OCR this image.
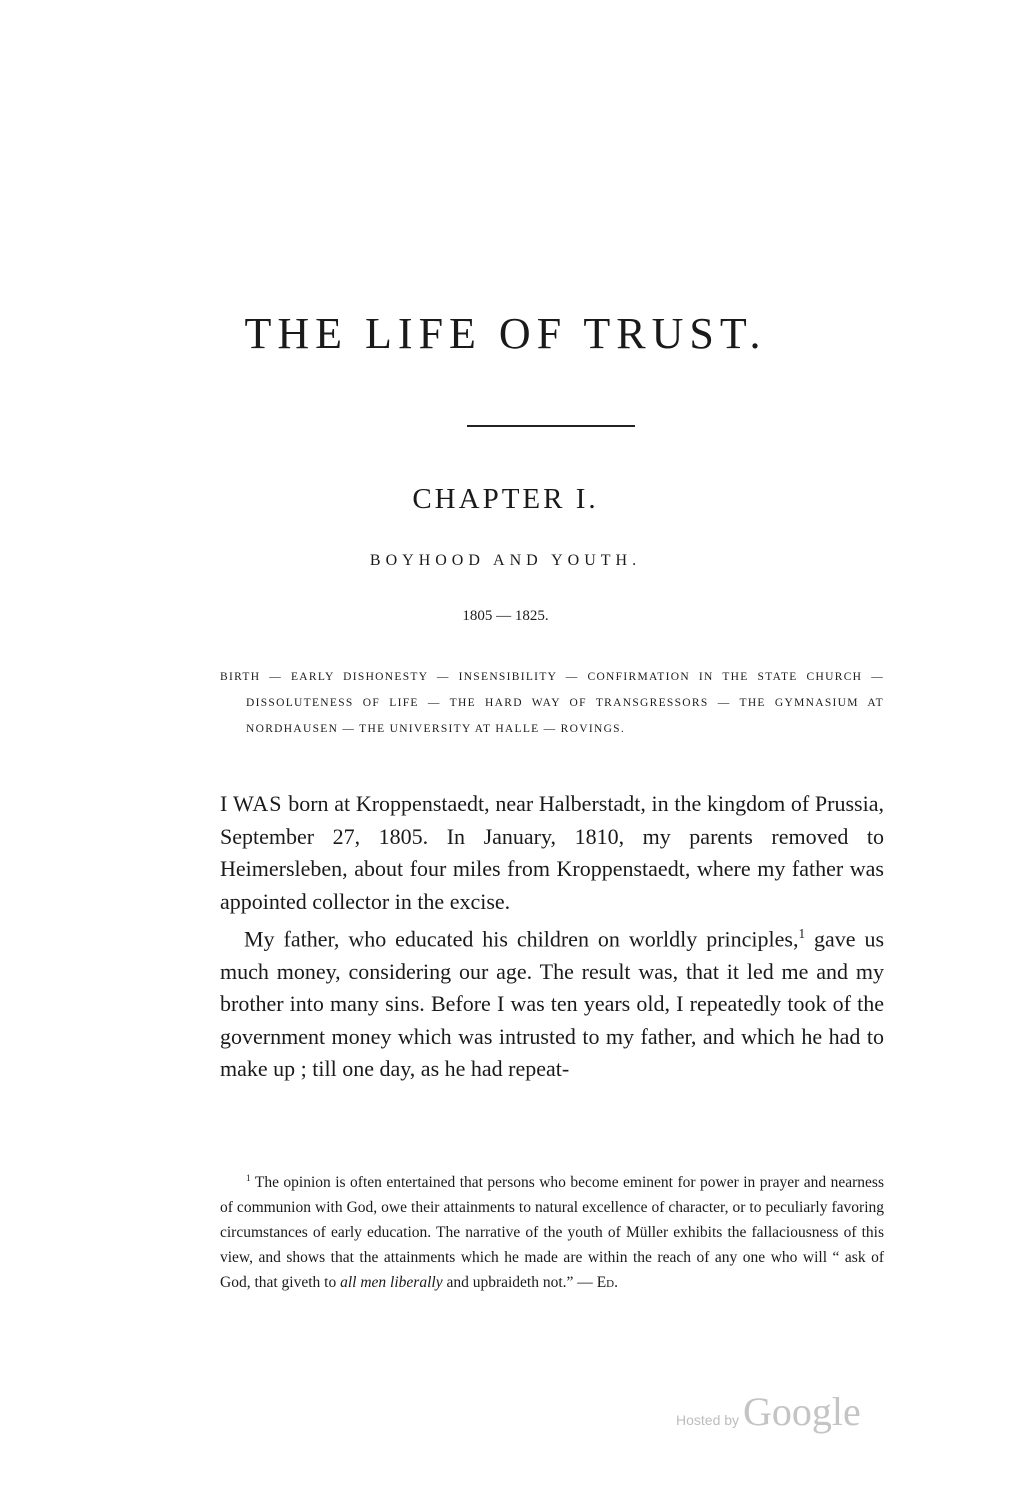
THE LIFE OF TRUST.
CHAPTER I.
BOYHOOD AND YOUTH.
1805 — 1825.
BIRTH — EARLY DISHONESTY — INSENSIBILITY — CONFIRMATION IN THE STATE CHURCH — DISSOLUTENESS OF LIFE — THE HARD WAY OF TRANSGRESSORS — THE GYMNASIUM AT NORDHAUSEN — THE UNIVERSITY AT HALLE — ROVINGS.

I WAS born at Kroppenstaedt, near Halberstadt, in the kingdom of Prussia, September 27, 1805. In January, 1810, my parents removed to Heimersleben, about four miles from Kroppenstaedt, where my father was appointed collector in the excise.

My father, who educated his children on worldly principles,$^1$ gave us much money, considering our age. The result was, that it led me and my brother into many sins. Before I was ten years old, I repeatedly took of the government money which was intrusted to my father, and which he had to make up ; till one day, as he had repeat-

$^1$ The opinion is often entertained that persons who become eminent for power in prayer and nearness of communion with God, owe their attainments to natural excellence of character, or to peculiarly favoring circumstances of early education. The narrative of the youth of Müller exhibits the fallaciousness of this view, and shows that the attainments which he made are within the reach of any one who will “ ask of God, that giveth to all men liberally and upbraideth not.” — Ed.
Hosted by Google
